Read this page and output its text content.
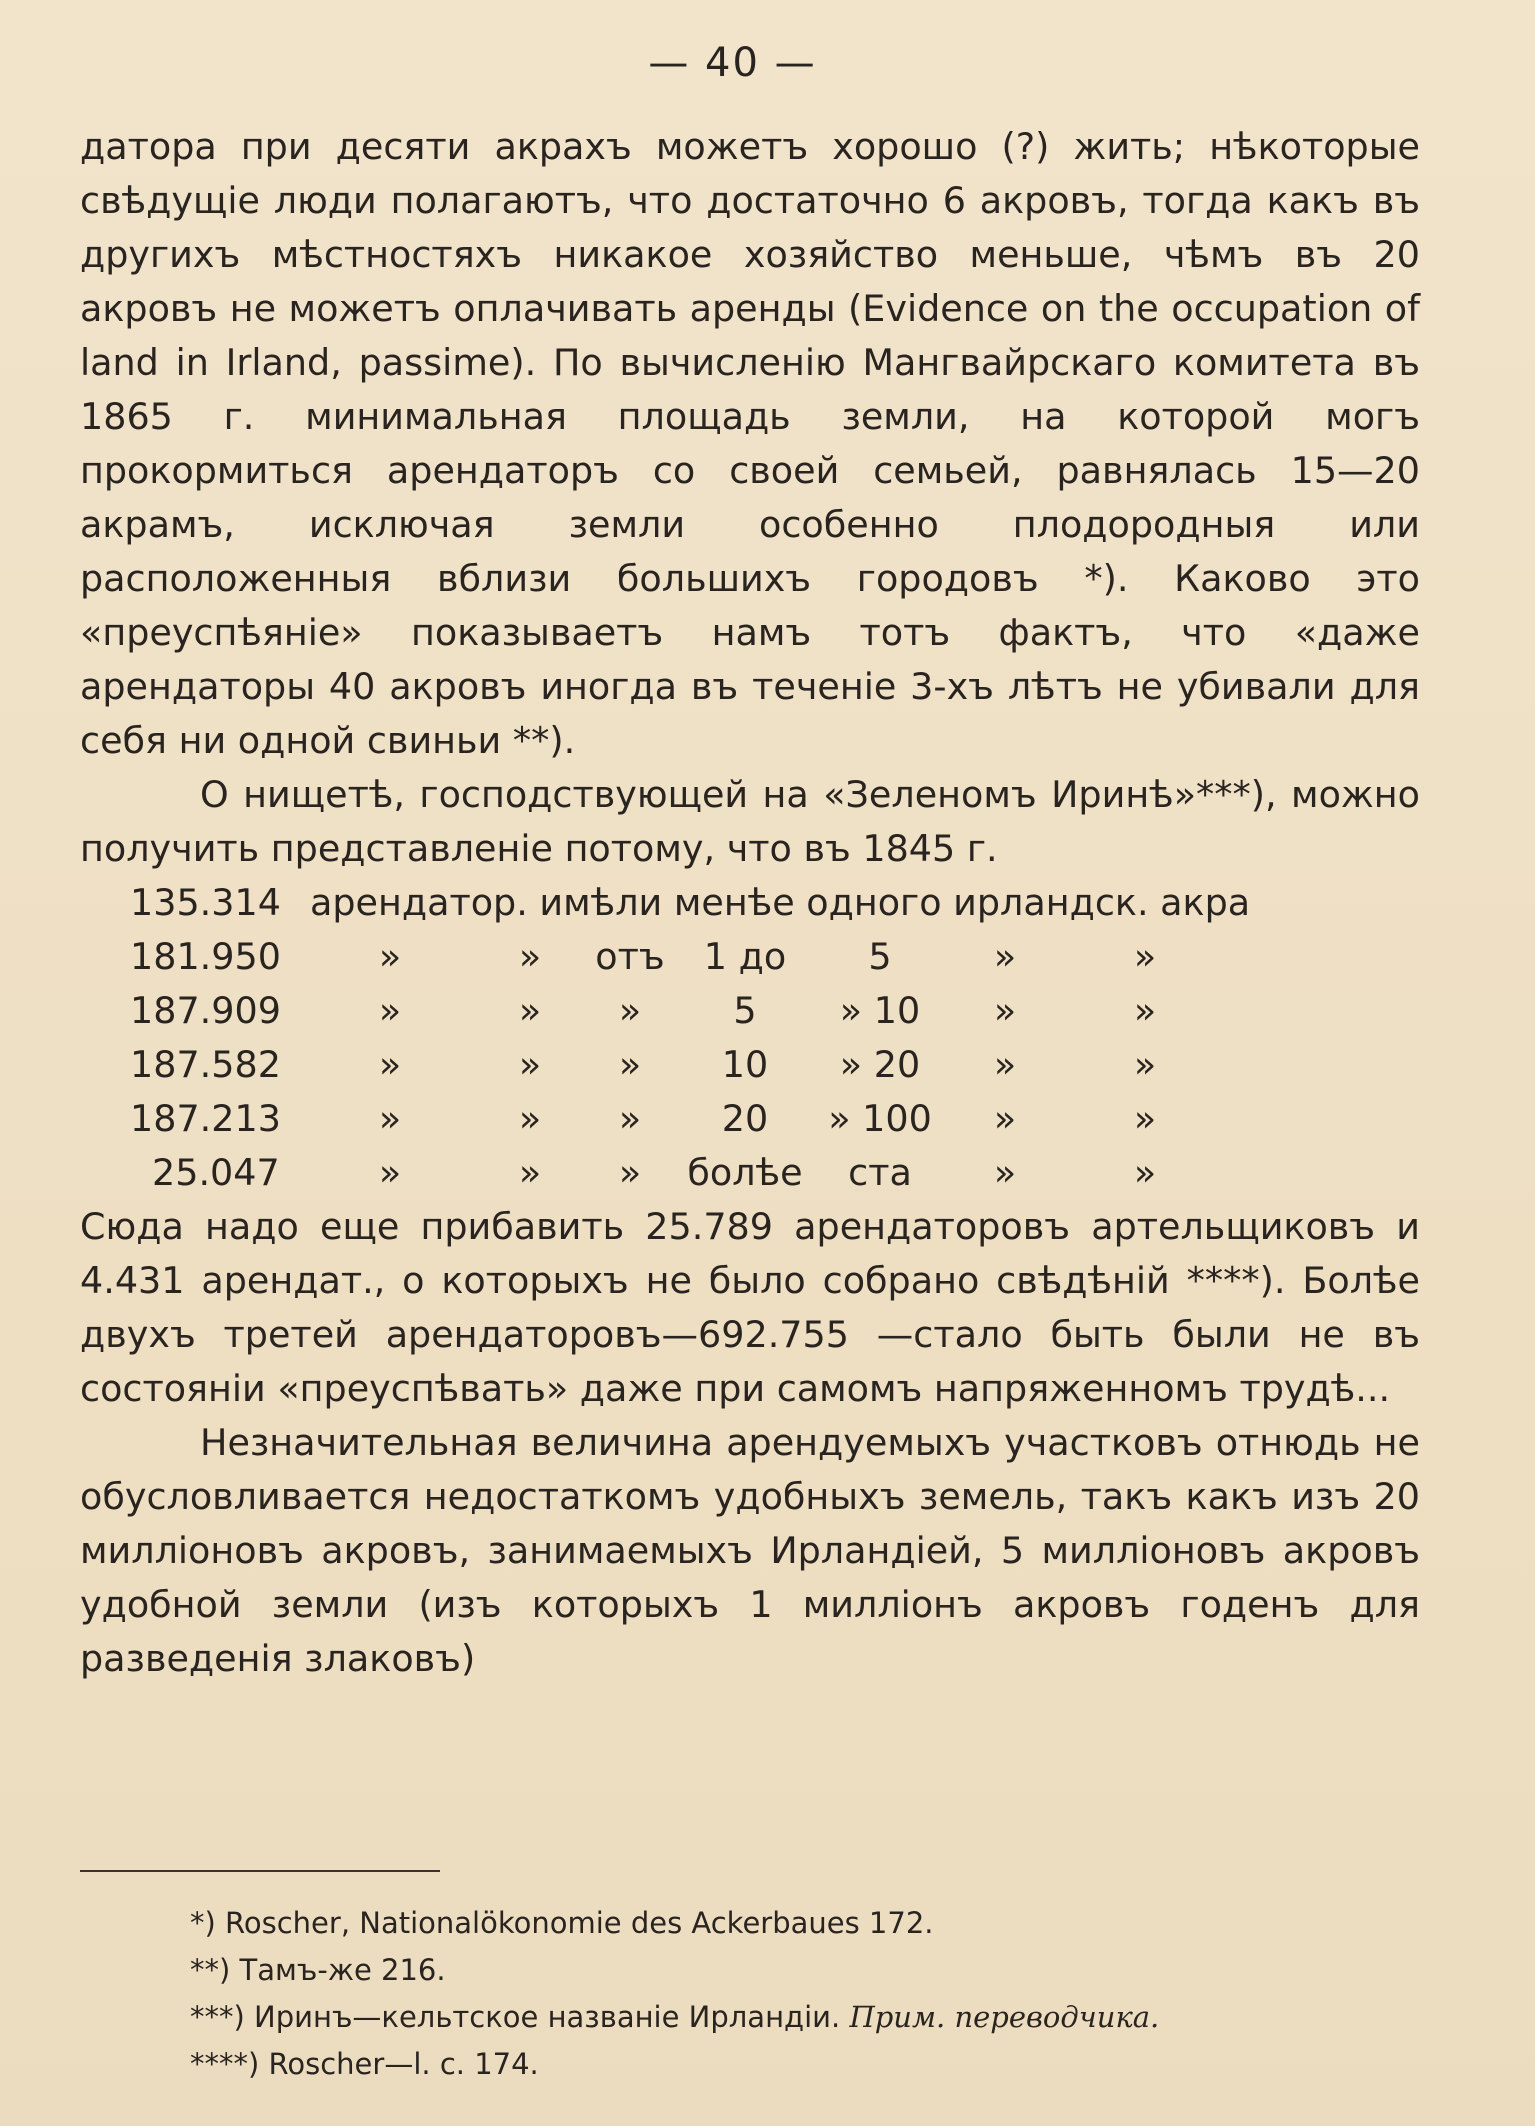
— 40 —

датора при десяти акрахъ можетъ хорошо (?) жить; нѣкоторые свѣдущіе люди полагаютъ, что достаточно 6 акровъ, тогда какъ въ другихъ мѣстностяхъ никакое хозяйство меньше, чѣмъ въ 20 акровъ не можетъ оплачивать аренды (Evidence on the occupation of land in Irland, passime). По вычисленію Мангвайрскаго комитета въ 1865 г. минимальная площадь земли, на которой могъ прокормиться арендаторъ со своей семьей, равнялась 15—20 акрамъ, исключая земли особенно плодородныя или расположенныя вблизи большихъ городовъ *). Каково это «преуспѣяніе» показываетъ намъ тотъ фактъ, что «даже арендаторы 40 акровъ иногда въ теченіе 3-хъ лѣтъ не убивали для себя ни одной свиньи **).

О нищетѣ, господствующей на «Зеленомъ Иринѣ»***), можно получить представленіе потому, что въ 1845 г.

135.314 арендатор. имѣли менѣе одного ирландск. акра
181.950	»	»	отъ	1 до	5	»	»
187.909	»	»	»	5	» 10	»	»
187.582	»	»	»	10	» 20	»	»
187.213	»	»	»	20	» 100	»	»
25.047	»	»	»	болѣе	ста	»	»

Сюда надо еще прибавить 25.789 арендаторовъ артельщиковъ и 4.431 арендат., о которыхъ не было собрано свѣдѣній ****). Болѣе двухъ третей арендаторовъ—692.755 —стало быть были не въ состояніи «преуспѣвать» даже при самомъ напряженномъ трудѣ...

Незначительная величина арендуемыхъ участковъ отнюдь не обусловливается недостаткомъ удобныхъ земель, такъ какъ изъ 20 милліоновъ акровъ, занимаемыхъ Ирландіей, 5 милліоновъ акровъ удобной земли (изъ которыхъ 1 милліонъ акровъ годенъ для разведенія злаковъ)

*) Roscher, Nationalökonomie des Ackerbaues 172.

**) Тамъ-же 216.

***) Иринъ—кельтское названіе Ирландіи. Прим. переводчика.

****) Roscher—l. c. 174.
